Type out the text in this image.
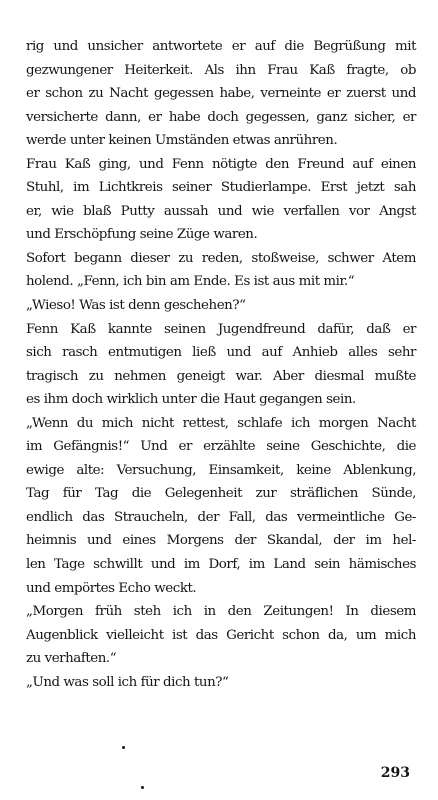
rig und unsicher antwortete er auf die Begrüßung mit
gezwungener Heiterkeit. Als ihn Frau Kaß fragte, ob
er schon zu Nacht gegessen habe, verneinte er zuerst und
versicherte dann, er habe doch gegessen, ganz sicher, er
werde unter keinen Umständen etwas anrühren.

Frau Kaß ging, und Fenn nötigte den Freund auf einen
Stuhl, im Lichtkreis seiner Studierlampe. Erst jetzt sah
er, wie blaß Putty aussah und wie verfallen vor Angst
und Erschöpfung seine Züge waren.

Sofort begann dieser zu reden, stoßweise, schwer Atem
holend. „Fenn, ich bin am Ende. Es ist aus mit mir.“

„Wieso! Was ist denn geschehen?“

Fenn Kaß kannte seinen Jugendfreund dafür, daß er
sich rasch entmutigen ließ und auf Anhieb alles sehr
tragisch zu nehmen geneigt war. Aber diesmal mußte
es ihm doch wirklich unter die Haut gegangen sein.

„Wenn du mich nicht rettest, schlafe ich morgen Nacht
im Gefängnis!“ Und er erzählte seine Geschichte, die
ewige alte: Versuchung, Einsamkeit, keine Ablenkung,
Tag für Tag die Gelegenheit zur sträflichen Sünde,
endlich das Straucheln, der Fall, das vermeintliche Ge-
heimnis und eines Morgens der Skandal, der im hel-
len Tage schwillt und im Dorf, im Land sein hämisches
und empörtes Echo weckt.

„Morgen früh steh ich in den Zeitungen! In diesem
Augenblick vielleicht ist das Gericht schon da, um mich
zu verhaften.“

„Und was soll ich für dich tun?“

293
